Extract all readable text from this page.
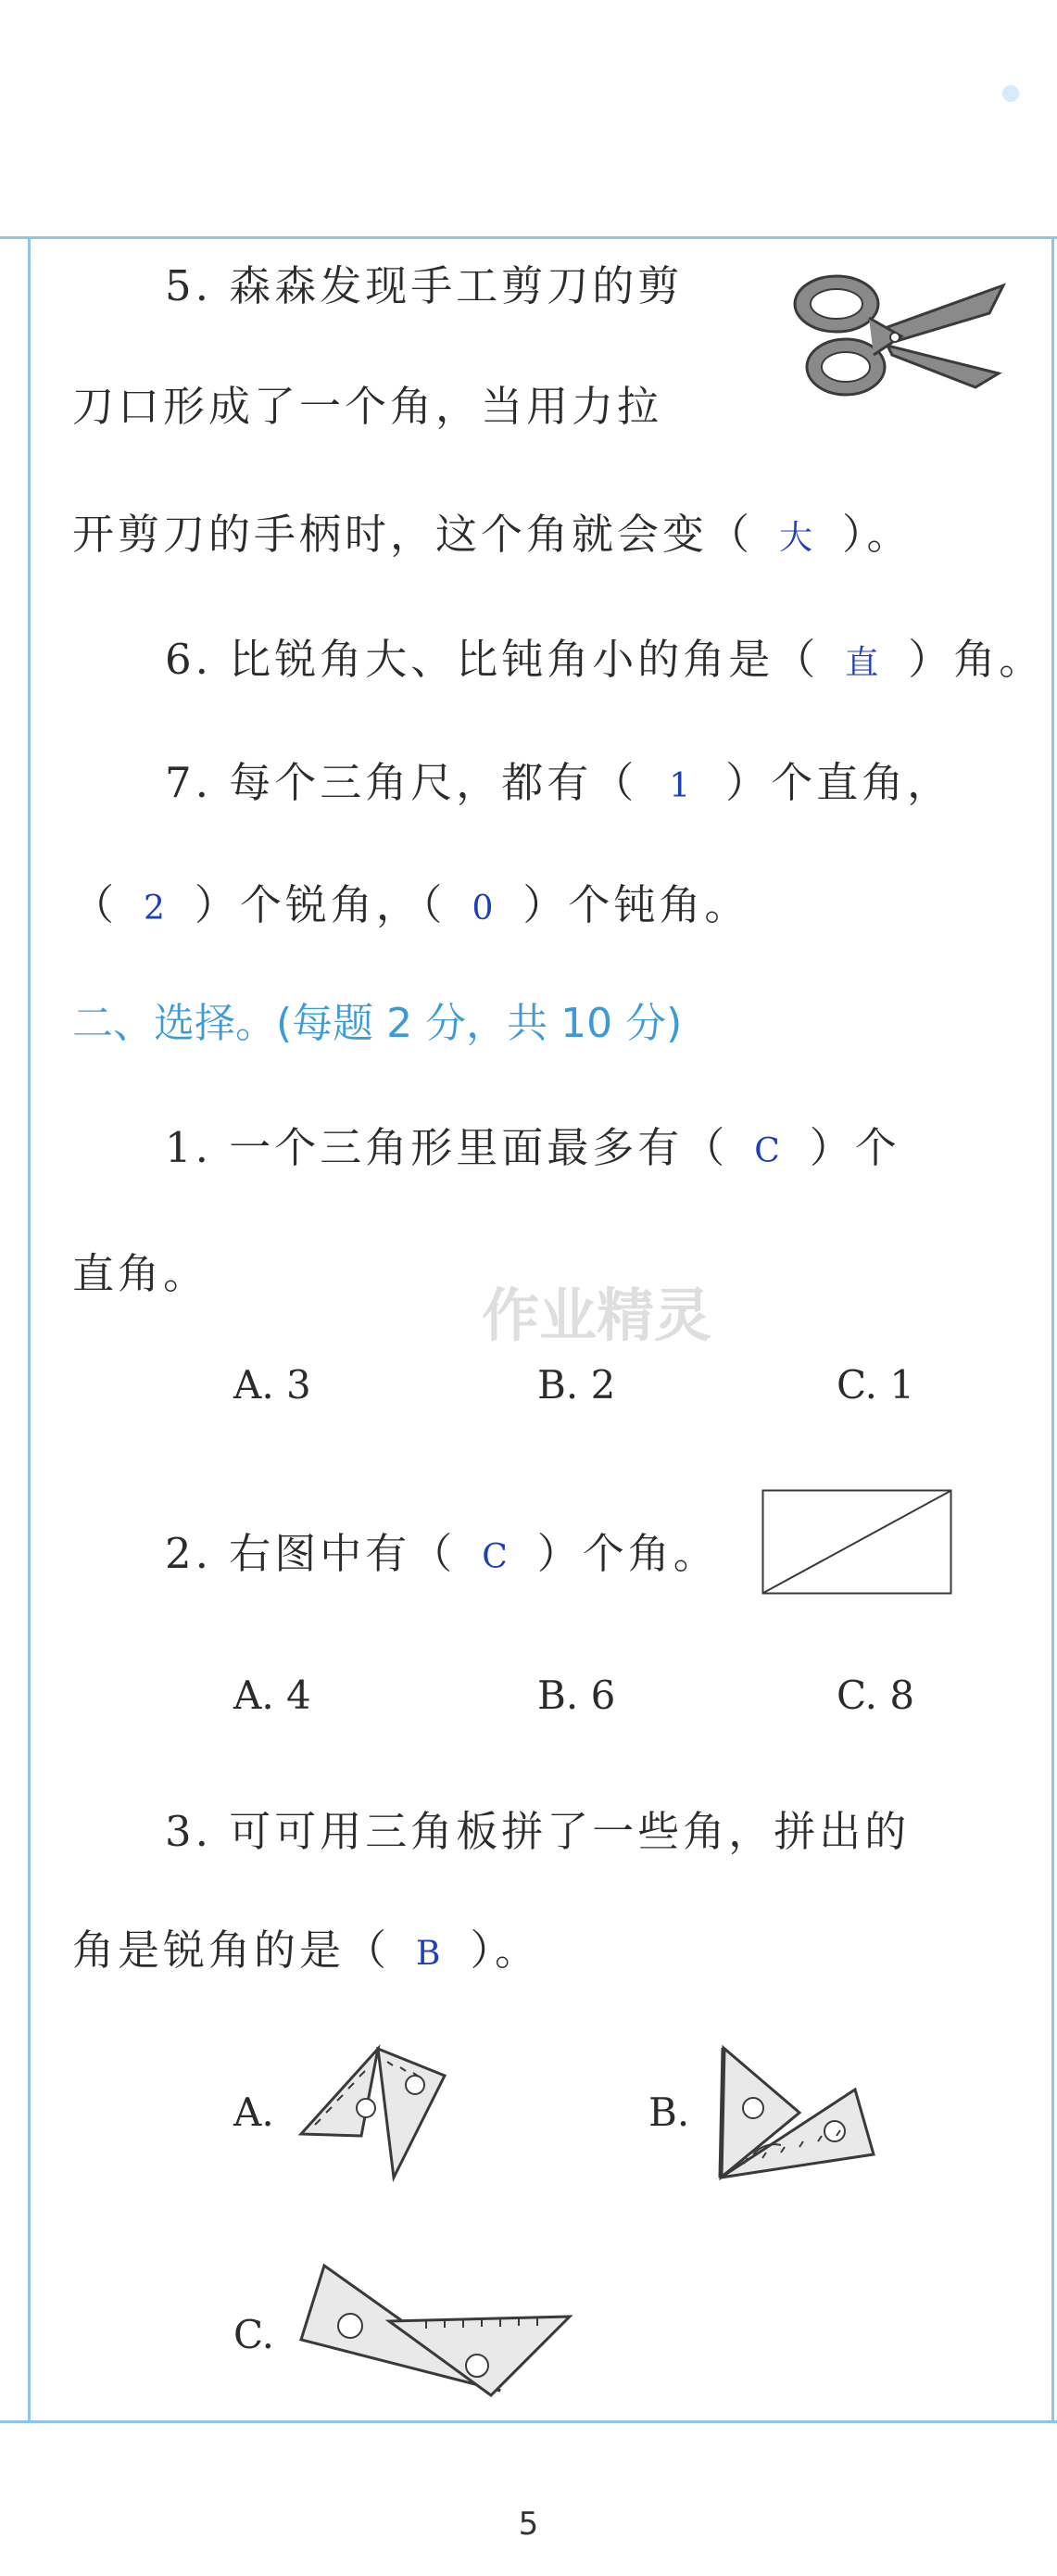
5. 森森发现手工剪刀的剪
刀口形成了一个角，当用力拉
开剪刀的手柄时，这个角就会变（ 大 ）。
6. 比锐角大、比钝角小的角是（ 直 ）角。
7. 每个三角尺，都有（ 1 ）个直角，
（ 2 ）个锐角，（ 0 ）个钝角。
二、选择。(每题 2 分，共 10 分)
1. 一个三角形里面最多有（ C ）个
直角。
作业精灵
A. 3	B. 2	C. 1
2. 右图中有（ C ）个角。
A. 4	B. 6	C. 8
3. 可可用三角板拼了一些角，拼出的
角是锐角的是（ B ）。
A.	B.
C.
5
